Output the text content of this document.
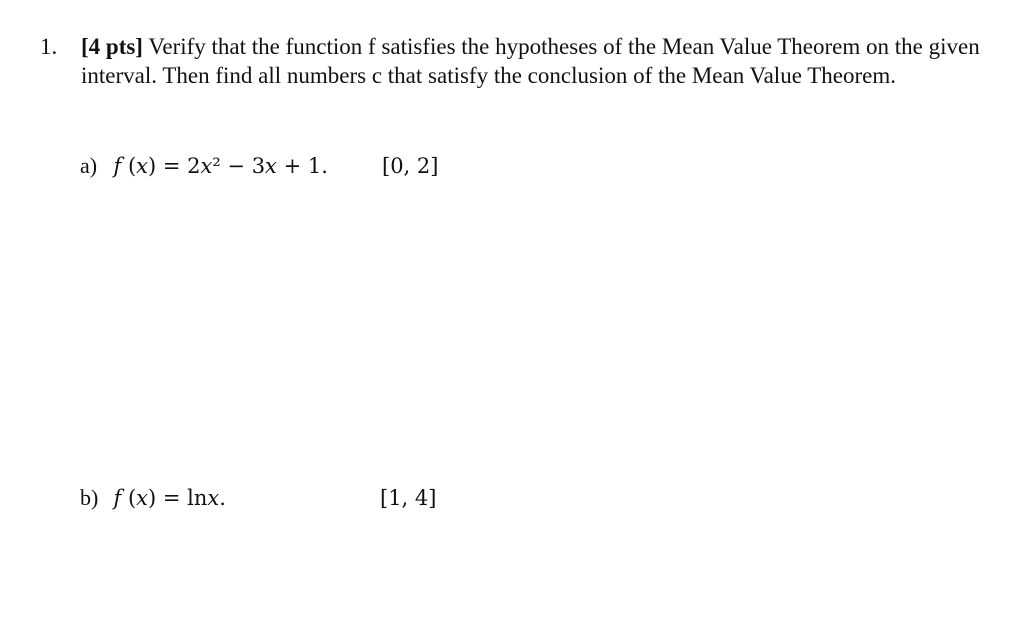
1. [4 pts] Verify that the function f satisfies the hypotheses of the Mean Value Theorem on the given interval. Then find all numbers c that satisfy the conclusion of the Mean Value Theorem.
a) 𝑓 (𝑥) = 2𝑥² − 3𝑥 + 1.	[0, 2]
b) 𝑓 (𝑥) = ln𝑥.	[1, 4]
